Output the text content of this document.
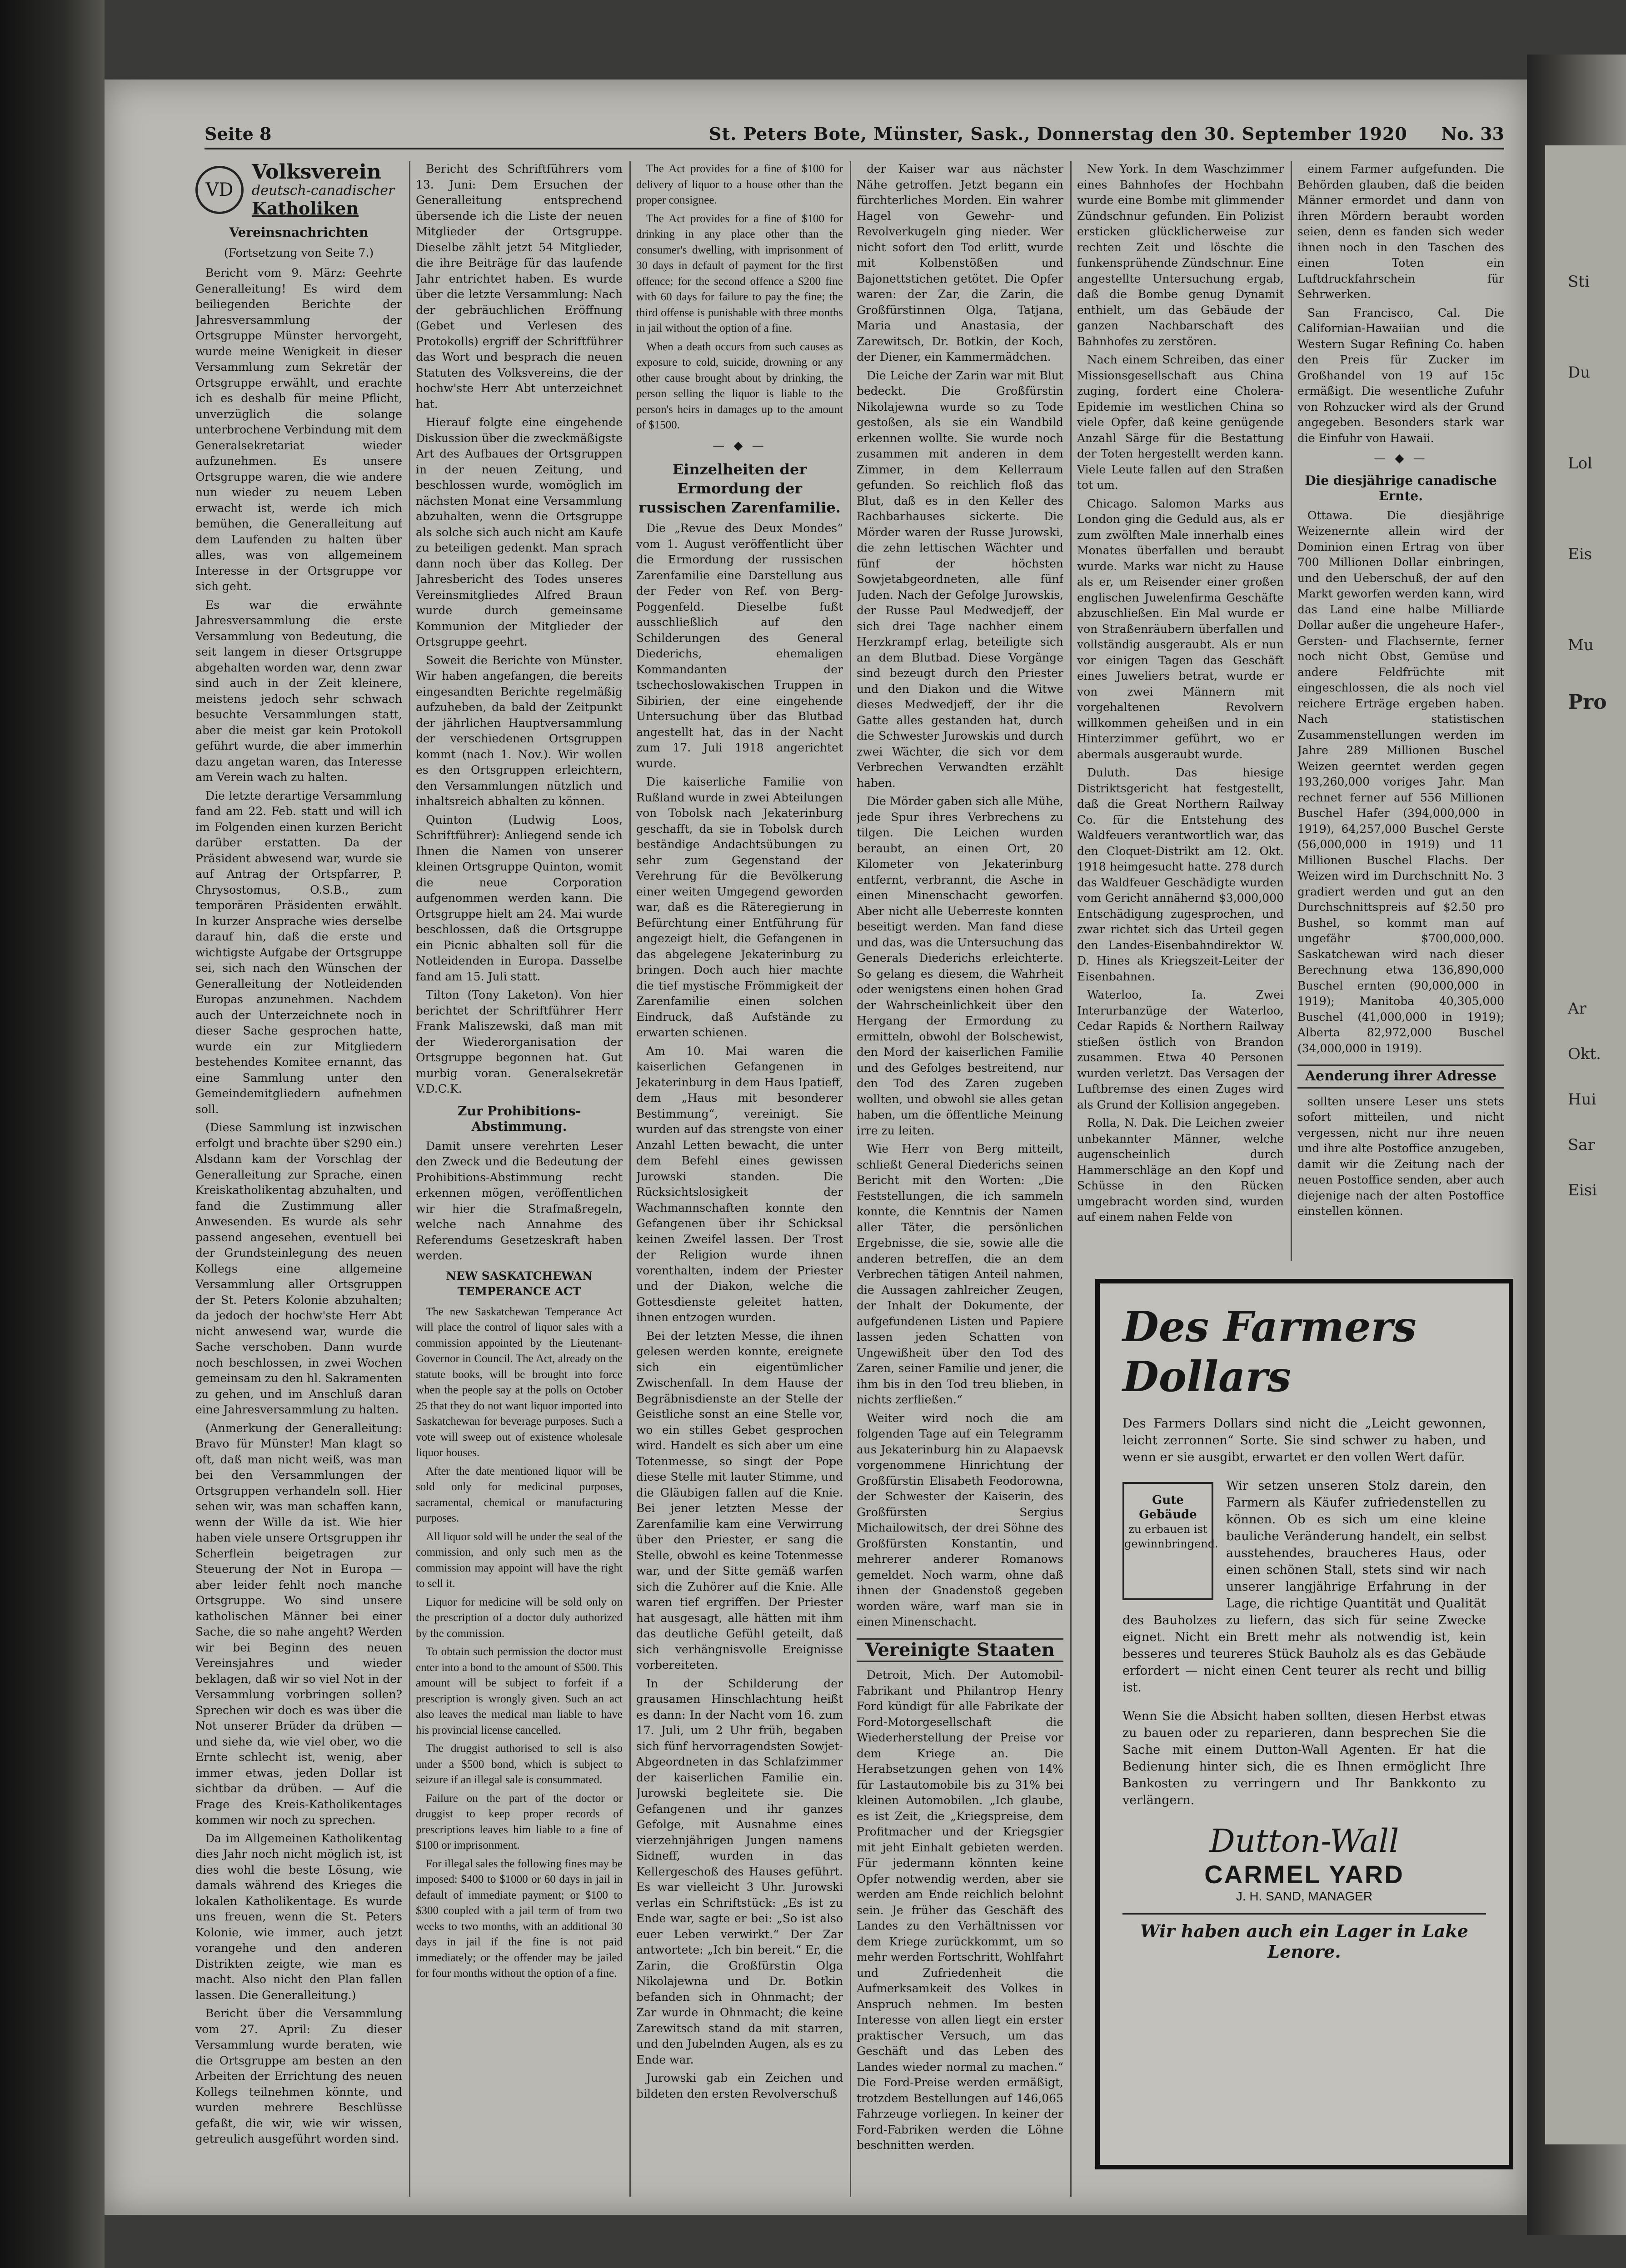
Seite 8	St. Peters Bote, Münster, Sask., Donnerstag den 30. September 1920 No. 33
VD
Volksverein
deutsch-canadischer
Katholiken
Vereinsnachrichten
(Fortsetzung von Seite 7.)

Bericht vom 9. März: Geehrte Generalleitung! Es wird dem beiliegenden Berichte der Jahresversammlung der Ortsgruppe Münster hervorgeht, wurde meine Wenigkeit in dieser Versammlung zum Sekretär der Ortsgruppe erwählt, und erachte ich es deshalb für meine Pflicht, unverzüglich die solange unterbrochene Verbindung mit dem Generalsekretariat wieder aufzunehmen. Es unsere Ortsgruppe waren, die wie andere nun wieder zu neuem Leben erwacht ist, werde ich mich bemühen, die Generalleitung auf dem Laufenden zu halten über alles, was von allgemeinem Interesse in der Ortsgruppe vor sich geht.

Es war die erwähnte Jahresversammlung die erste Versammlung von Bedeutung, die seit langem in dieser Ortsgruppe abgehalten worden war, denn zwar sind auch in der Zeit kleinere, meistens jedoch sehr schwach besuchte Versammlungen statt, aber die meist gar kein Protokoll geführt wurde, die aber immerhin dazu angetan waren, das Interesse am Verein wach zu halten.

Die letzte derartige Versammlung fand am 22. Feb. statt und will ich im Folgenden einen kurzen Bericht darüber erstatten. Da der Präsident abwesend war, wurde sie auf Antrag der Ortspfarrer, P. Chrysostomus, O.S.B., zum temporären Präsidenten erwählt. In kurzer Ansprache wies derselbe darauf hin, daß die erste und wichtigste Aufgabe der Ortsgruppe sei, sich nach den Wünschen der Generalleitung der Notleidenden Europas anzunehmen. Nachdem auch der Unterzeichnete noch in dieser Sache gesprochen hatte, wurde ein zur Mitgliedern bestehendes Komitee ernannt, das eine Sammlung unter den Gemeindemitgliedern aufnehmen soll.

(Diese Sammlung ist inzwischen erfolgt und brachte über $290 ein.) Alsdann kam der Vorschlag der Generalleitung zur Sprache, einen Kreiskatholikentag abzuhalten, und fand die Zustimmung aller Anwesenden. Es wurde als sehr passend angesehen, eventuell bei der Grundsteinlegung des neuen Kollegs eine allgemeine Versammlung aller Ortsgruppen der St. Peters Kolonie abzuhalten; da jedoch der hochw'ste Herr Abt nicht anwesend war, wurde die Sache verschoben. Dann wurde noch beschlossen, in zwei Wochen gemeinsam zu den hl. Sakramenten zu gehen, und im Anschluß daran eine Jahresversammlung zu halten.

(Anmerkung der Generalleitung: Bravo für Münster! Man klagt so oft, daß man nicht weiß, was man bei den Versammlungen der Ortsgruppen verhandeln soll. Hier sehen wir, was man schaffen kann, wenn der Wille da ist. Wie hier haben viele unsere Ortsgruppen ihr Scherflein beigetragen zur Steuerung der Not in Europa — aber leider fehlt noch manche Ortsgruppe. Wo sind unsere katholischen Männer bei einer Sache, die so nahe angeht? Werden wir bei Beginn des neuen Vereinsjahres und wieder beklagen, daß wir so viel Not in der Versammlung vorbringen sollen? Sprechen wir doch es was über die Not unserer Brüder da drüben — und siehe da, wie viel ober, wo die Ernte schlecht ist, wenig, aber immer etwas, jeden Dollar ist sichtbar da drüben. — Auf die Frage des Kreis-Katholikentages kommen wir noch zu sprechen.

Da im Allgemeinen Katholikentag dies Jahr noch nicht möglich ist, ist dies wohl die beste Lösung, wie damals während des Krieges die lokalen Katholikentage. Es wurde uns freuen, wenn die St. Peters Kolonie, wie immer, auch jetzt vorangehe und den anderen Distrikten zeigte, wie man es macht. Also nicht den Plan fallen lassen. Die Generalleitung.)

Bericht über die Versammlung vom 27. April: Zu dieser Versammlung wurde beraten, wie die Ortsgruppe am besten an den Arbeiten der Errichtung des neuen Kollegs teilnehmen könnte, und wurden mehrere Beschlüsse gefaßt, die wir, wie wir wissen, getreulich ausgeführt worden sind.

Bericht des Schriftführers vom 13. Juni: Dem Ersuchen der Generalleitung entsprechend übersende ich die Liste der neuen Mitglieder der Ortsgruppe. Dieselbe zählt jetzt 54 Mitglieder, die ihre Beiträge für das laufende Jahr entrichtet haben. Es wurde über die letzte Versammlung: Nach der gebräuchlichen Eröffnung (Gebet und Verlesen des Protokolls) ergriff der Schriftführer das Wort und besprach die neuen Statuten des Volksvereins, die der hochw'ste Herr Abt unterzeichnet hat.

Hierauf folgte eine eingehende Diskussion über die zweckmäßigste Art des Aufbaues der Ortsgruppen in der neuen Zeitung, und beschlossen wurde, womöglich im nächsten Monat eine Versammlung abzuhalten, wenn die Ortsgruppe als solche sich auch nicht am Kaufe zu beteiligen gedenkt. Man sprach dann noch über das Kolleg. Der Jahresbericht des Todes unseres Vereinsmitgliedes Alfred Braun wurde durch gemeinsame Kommunion der Mitglieder der Ortsgruppe geehrt.

Soweit die Berichte von Münster. Wir haben angefangen, die bereits eingesandten Berichte regelmäßig aufzuheben, da bald der Zeitpunkt der jährlichen Hauptversammlung der verschiedenen Ortsgruppen kommt (nach 1. Nov.). Wir wollen es den Ortsgruppen erleichtern, den Versammlungen nützlich und inhaltsreich abhalten zu können.

Quinton (Ludwig Loos, Schriftführer): Anliegend sende ich Ihnen die Namen von unserer kleinen Ortsgruppe Quinton, womit die neue Corporation aufgenommen werden kann. Die Ortsgruppe hielt am 24. Mai wurde beschlossen, daß die Ortsgruppe ein Picnic abhalten soll für die Notleidenden in Europa. Dasselbe fand am 15. Juli statt.

Tilton (Tony Laketon). Von hier berichtet der Schriftführer Herr Frank Maliszewski, daß man mit der Wiederorganisation der Ortsgruppe begonnen hat. Gut murbig voran. Generalsekretär V.D.C.K.

Zur Prohibitions-Abstimmung.

Damit unsere verehrten Leser den Zweck und die Bedeutung der Prohibitions-Abstimmung recht erkennen mögen, veröffentlichen wir hier die Strafmaßregeln, welche nach Annahme des Referendums Gesetzeskraft haben werden.

NEW SASKATCHEWAN TEMPERANCE ACT

The new Saskatchewan Temperance Act will place the control of liquor sales with a commission appointed by the Lieutenant-Governor in Council. The Act, already on the statute books, will be brought into force when the people say at the polls on October 25 that they do not want liquor imported into Saskatchewan for beverage purposes. Such a vote will sweep out of existence wholesale liquor houses.

After the date mentioned liquor will be sold only for medicinal purposes, sacramental, chemical or manufacturing purposes.

All liquor sold will be under the seal of the commission, and only such men as the commission may appoint will have the right to sell it.

Liquor for medicine will be sold only on the prescription of a doctor duly authorized by the commission.

To obtain such permission the doctor must enter into a bond to the amount of $500. This amount will be subject to forfeit if a prescription is wrongly given. Such an act also leaves the medical man liable to have his provincial license cancelled.

The druggist authorised to sell is also under a $500 bond, which is subject to seizure if an illegal sale is consummated.

Failure on the part of the doctor or druggist to keep proper records of prescriptions leaves him liable to a fine of $100 or imprisonment.

For illegal sales the following fines may be imposed: $400 to $1000 or 60 days in jail in default of immediate payment; or $100 to $300 coupled with a jail term of from two weeks to two months, with an additional 30 days in jail if the fine is not paid immediately; or the offender may be jailed for four months without the option of a fine.

The Act provides for a fine of $100 for delivery of liquor to a house other than the proper consignee.

The Act provides for a fine of $100 for drinking in any place other than the consumer's dwelling, with imprisonment of 30 days in default of payment for the first offence; for the second offence a $200 fine with 60 days for failure to pay the fine; the third offense is punishable with three months in jail without the option of a fine.

When a death occurs from such causes as exposure to cold, suicide, drowning or any other cause brought about by drinking, the person selling the liquor is liable to the person's heirs in damages up to the amount of $1500.

— ◆ —
Einzelheiten der Ermordung der russischen Zarenfamilie.

Die „Revue des Deux Mondes“ vom 1. August veröffentlicht über die Ermordung der russischen Zarenfamilie eine Darstellung aus der Feder von Ref. von Berg-Poggenfeld. Dieselbe fußt ausschließlich auf den Schilderungen des General Diederichs, ehemaligen Kommandanten der tschechoslowakischen Truppen in Sibirien, der eine eingehende Untersuchung über das Blutbad angestellt hat, das in der Nacht zum 17. Juli 1918 angerichtet wurde.

Die kaiserliche Familie von Rußland wurde in zwei Abteilungen von Tobolsk nach Jekaterinburg geschafft, da sie in Tobolsk durch beständige Andachtsübungen zu sehr zum Gegenstand der Verehrung für die Bevölkerung einer weiten Umgegend geworden war, daß es die Räteregierung in Befürchtung einer Entführung für angezeigt hielt, die Gefangenen in das abgelegene Jekaterinburg zu bringen. Doch auch hier machte die tief mystische Frömmigkeit der Zarenfamilie einen solchen Eindruck, daß Aufstände zu erwarten schienen.

Am 10. Mai waren die kaiserlichen Gefangenen in Jekaterinburg in dem Haus Ipatieff, dem „Haus mit besonderer Bestimmung“, vereinigt. Sie wurden auf das strengste von einer Anzahl Letten bewacht, die unter dem Befehl eines gewissen Jurowski standen. Die Rücksichtslosigkeit der Wachmannschaften konnte den Gefangenen über ihr Schicksal keinen Zweifel lassen. Der Trost der Religion wurde ihnen vorenthalten, indem der Priester und der Diakon, welche die Gottesdienste geleitet hatten, ihnen entzogen wurden.

Bei der letzten Messe, die ihnen gelesen werden konnte, ereignete sich ein eigentümlicher Zwischenfall. In dem Hause der Begräbnisdienste an der Stelle der Geistliche sonst an eine Stelle vor, wo ein stilles Gebet gesprochen wird. Handelt es sich aber um eine Totenmesse, so singt der Pope diese Stelle mit lauter Stimme, und die Gläubigen fallen auf die Knie. Bei jener letzten Messe der Zarenfamilie kam eine Verwirrung über den Priester, er sang die Stelle, obwohl es keine Totenmesse war, und der Sitte gemäß warfen sich die Zuhörer auf die Knie. Alle waren tief ergriffen. Der Priester hat ausgesagt, alle hätten mit ihm das deutliche Gefühl geteilt, daß sich verhängnisvolle Ereignisse vorbereiteten.

In der Schilderung der grausamen Hinschlachtung heißt es dann: In der Nacht vom 16. zum 17. Juli, um 2 Uhr früh, begaben sich fünf hervorragendsten Sowjet-Abgeordneten in das Schlafzimmer der kaiserlichen Familie ein. Jurowski begleitete sie. Die Gefangenen und ihr ganzes Gefolge, mit Ausnahme eines vierzehnjährigen Jungen namens Sidneff, wurden in das Kellergeschoß des Hauses geführt. Es war vielleicht 3 Uhr. Jurowski verlas ein Schriftstück: „Es ist zu Ende war, sagte er bei: „So ist also euer Leben verwirkt.“ Der Zar antwortete: „Ich bin bereit.“ Er, die Zarin, die Großfürstin Olga Nikolajewna und Dr. Botkin befanden sich in Ohnmacht; der Zar wurde in Ohnmacht; die keine Zarewitsch stand da mit starren, und den Jubelnden Augen, als es zu Ende war.

Jurowski gab ein Zeichen und bildeten den ersten Revolverschuß

der Kaiser war aus nächster Nähe getroffen. Jetzt begann ein fürchterliches Morden. Ein wahrer Hagel von Gewehr- und Revolverkugeln ging nieder. Wer nicht sofort den Tod erlitt, wurde mit Kolbenstößen und Bajonettstichen getötet. Die Opfer waren: der Zar, die Zarin, die Großfürstinnen Olga, Tatjana, Maria und Anastasia, der Zarewitsch, Dr. Botkin, der Koch, der Diener, ein Kammermädchen.

Die Leiche der Zarin war mit Blut bedeckt. Die Großfürstin Nikolajewna wurde so zu Tode gestoßen, als sie ein Wandbild erkennen wollte. Sie wurde noch zusammen mit anderen in dem Zimmer, in dem Kellerraum gefunden. So reichlich floß das Blut, daß es in den Keller des Rachbarhauses sickerte. Die Mörder waren der Russe Jurowski, die zehn lettischen Wächter und fünf der höchsten Sowjetabgeordneten, alle fünf Juden. Nach der Gefolge Jurowskis, der Russe Paul Medwedjeff, der sich drei Tage nachher einem Herzkrampf erlag, beteiligte sich an dem Blutbad. Diese Vorgänge sind bezeugt durch den Priester und den Diakon und die Witwe dieses Medwedjeff, der ihr die Gatte alles gestanden hat, durch die Schwester Jurowskis und durch zwei Wächter, die sich vor dem Verbrechen Verwandten erzählt haben.

Die Mörder gaben sich alle Mühe, jede Spur ihres Verbrechens zu tilgen. Die Leichen wurden beraubt, an einen Ort, 20 Kilometer von Jekaterinburg entfernt, verbrannt, die Asche in einen Minenschacht geworfen. Aber nicht alle Ueberreste konnten beseitigt werden. Man fand diese und das, was die Untersuchung das Generals Diederichs erleichterte. So gelang es diesem, die Wahrheit oder wenigstens einen hohen Grad der Wahrscheinlichkeit über den Hergang der Ermordung zu ermitteln, obwohl der Bolschewist, den Mord der kaiserlichen Familie und des Gefolges bestreitend, nur den Tod des Zaren zugeben wollten, und obwohl sie alles getan haben, um die öffentliche Meinung irre zu leiten.

Wie Herr von Berg mitteilt, schließt General Diederichs seinen Bericht mit den Worten: „Die Feststellungen, die ich sammeln konnte, die Kenntnis der Namen aller Täter, die persönlichen Ergebnisse, die sie, sowie alle die anderen betreffen, die an dem Verbrechen tätigen Anteil nahmen, die Aussagen zahlreicher Zeugen, der Inhalt der Dokumente, der aufgefundenen Listen und Papiere lassen jeden Schatten von Ungewißheit über den Tod des Zaren, seiner Familie und jener, die ihm bis in den Tod treu blieben, in nichts zerfließen.“

Weiter wird noch die am folgenden Tage auf ein Telegramm aus Jekaterinburg hin zu Alapaevsk vorgenommene Hinrichtung der Großfürstin Elisabeth Feodorowna, der Schwester der Kaiserin, des Großfürsten Sergius Michailowitsch, der drei Söhne des Großfürsten Konstantin, und mehrerer anderer Romanows gemeldet. Noch warm, ohne daß ihnen der Gnadenstoß gegeben worden wäre, warf man sie in einen Minenschacht.

Vereinigte Staaten

Detroit, Mich. Der Automobil-Fabrikant und Philantrop Henry Ford kündigt für alle Fabrikate der Ford-Motorgesellschaft die Wiederherstellung der Preise vor dem Kriege an. Die Herabsetzungen gehen von 14% für Lastautomobile bis zu 31% bei kleinen Automobilen. „Ich glaube, es ist Zeit, die „Kriegspreise, dem Profitmacher und der Kriegsgier mit jeht Einhalt gebieten werden. Für jedermann könnten keine Opfer notwendig werden, aber sie werden am Ende reichlich belohnt sein. Je früher das Geschäft des Landes zu den Verhältnissen vor dem Kriege zurückkommt, um so mehr werden Fortschritt, Wohlfahrt und Zufriedenheit die Aufmerksamkeit des Volkes in Anspruch nehmen. Im besten Interesse von allen liegt ein erster praktischer Versuch, um das Geschäft und das Leben des Landes wieder normal zu machen.“ Die Ford-Preise werden ermäßigt, trotzdem Bestellungen auf 146,065 Fahrzeuge vorliegen. In keiner der Ford-Fabriken werden die Löhne beschnitten werden.

New York. In dem Waschzimmer eines Bahnhofes der Hochbahn wurde eine Bombe mit glimmender Zündschnur gefunden. Ein Polizist ersticken glücklicherweise zur rechten Zeit und löschte die funkensprühende Zündschnur. Eine angestellte Untersuchung ergab, daß die Bombe genug Dynamit enthielt, um das Gebäude der ganzen Nachbarschaft des Bahnhofes zu zerstören.

Nach einem Schreiben, das einer Missionsgesellschaft aus China zuging, fordert eine Cholera-Epidemie im westlichen China so viele Opfer, daß keine genügende Anzahl Särge für die Bestattung der Toten hergestellt werden kann. Viele Leute fallen auf den Straßen tot um.

Chicago. Salomon Marks aus London ging die Geduld aus, als er zum zwölften Male innerhalb eines Monates überfallen und beraubt wurde. Marks war nicht zu Hause als er, um Reisender einer großen englischen Juwelenfirma Geschäfte abzuschließen. Ein Mal wurde er von Straßenräubern überfallen und vollständig ausgeraubt. Als er nun vor einigen Tagen das Geschäft eines Juweliers betrat, wurde er von zwei Männern mit vorgehaltenen Revolvern willkommen geheißen und in ein Hinterzimmer geführt, wo er abermals ausgeraubt wurde.

Duluth. Das hiesige Distriktsgericht hat festgestellt, daß die Great Northern Railway Co. für die Entstehung des Waldfeuers verantwortlich war, das den Cloquet-Distrikt am 12. Okt. 1918 heimgesucht hatte. 278 durch das Waldfeuer Geschädigte wurden vom Gericht annähernd $3,000,000 Entschädigung zugesprochen, und zwar richtet sich das Urteil gegen den Landes-Eisenbahndirektor W. D. Hines als Kriegszeit-Leiter der Eisenbahnen.

Waterloo, Ia. Zwei Interurbanzüge der Waterloo, Cedar Rapids & Northern Railway stießen östlich von Brandon zusammen. Etwa 40 Personen wurden verletzt. Das Versagen der Luftbremse des einen Zuges wird als Grund der Kollision angegeben.

Rolla, N. Dak. Die Leichen zweier unbekannter Männer, welche augenscheinlich durch Hammerschläge an den Kopf und Schüsse in den Rücken umgebracht worden sind, wurden auf einem nahen Felde von

einem Farmer aufgefunden. Die Behörden glauben, daß die beiden Männer ermordet und dann von ihren Mördern beraubt worden seien, denn es fanden sich weder ihnen noch in den Taschen des einen Toten ein Luftdruckfahrschein für Sehrwerken.

San Francisco, Cal. Die Californian-Hawaiian und die Western Sugar Refining Co. haben den Preis für Zucker im Großhandel von 19 auf 15c ermäßigt. Die wesentliche Zufuhr von Rohzucker wird als der Grund angegeben. Besonders stark war die Einfuhr von Hawaii.

— ◆ —
Die diesjährige canadische Ernte.

Ottawa. Die diesjährige Weizenernte allein wird der Dominion einen Ertrag von über 700 Millionen Dollar einbringen, und den Ueberschuß, der auf den Markt geworfen werden kann, wird das Land eine halbe Milliarde Dollar außer die ungeheure Hafer-, Gersten- und Flachsernte, ferner noch nicht Obst, Gemüse und andere Feldfrüchte mit eingeschlossen, die als noch viel reichere Erträge ergeben haben. Nach statistischen Zusammenstellungen werden im Jahre 289 Millionen Buschel Weizen geerntet werden gegen 193,260,000 voriges Jahr. Man rechnet ferner auf 556 Millionen Buschel Hafer (394,000,000 in 1919), 64,257,000 Buschel Gerste (56,000,000 in 1919) und 11 Millionen Buschel Flachs. Der Weizen wird im Durchschnitt No. 3 gradiert werden und gut an den Durchschnittspreis auf $2.50 pro Bushel, so kommt man auf ungefähr $700,000,000. Saskatchewan wird nach dieser Berechnung etwa 136,890,000 Buschel ernten (90,000,000 in 1919); Manitoba 40,305,000 Buschel (41,000,000 in 1919); Alberta 82,972,000 Buschel (34,000,000 in 1919).

Aenderung ihrer Adresse

sollten unsere Leser uns stets sofort mitteilen, und nicht vergessen, nicht nur ihre neuen und ihre alte Postoffice anzugeben, damit wir die Zeitung nach der neuen Postoffice senden, aber auch diejenige nach der alten Postoffice einstellen können.

Des Farmers
Dollars

Des Farmers Dollars sind nicht die „Leicht gewonnen, leicht zerronnen“ Sorte. Sie sind schwer zu haben, und wenn er sie ausgibt, erwartet er den vollen Wert dafür.

Gute Gebäude
zu erbauen ist gewinnbringend.

Wir setzen unseren Stolz darein, den Farmern als Käufer zufriedenstellen zu können. Ob es sich um eine kleine bauliche Veränderung handelt, ein selbst ausstehendes, braucheres Haus, oder einen schönen Stall, stets sind wir nach unserer langjährige Erfahrung in der Lage, die richtige Quantität und Qualität des Bauholzes zu liefern, das sich für seine Zwecke eignet. Nicht ein Brett mehr als notwendig ist, kein besseres und teureres Stück Bauholz als es das Gebäude erfordert — nicht einen Cent teurer als recht und billig ist.

Wenn Sie die Absicht haben sollten, diesen Herbst etwas zu bauen oder zu reparieren, dann besprechen Sie die Sache mit einem Dutton-Wall Agenten. Er hat die Bedienung hinter sich, die es Ihnen ermöglicht Ihre Bankosten zu verringern und Ihr Bankkonto zu verlängern.

Dutton-Wall
CARMEL YARD
J. H. SAND, MANAGER
Wir haben auch ein Lager in Lake Lenore.
Sti
Du
Lol
Eis
Mu
Pro
Ar
Okt.
Hui
Sar
Eisi
